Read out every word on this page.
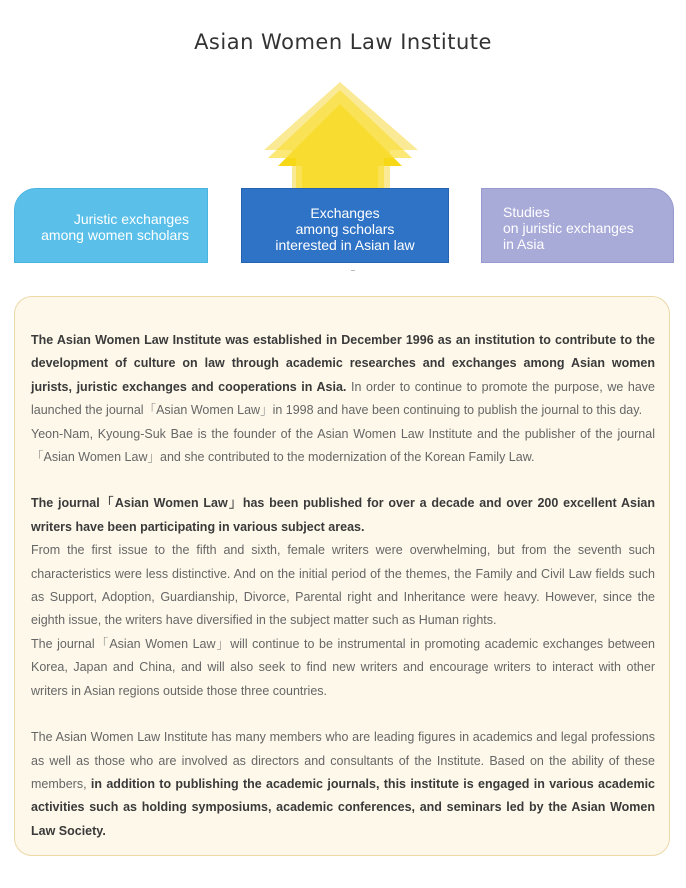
Asian Women Law Institute
Juristic exchanges
among women scholars
Exchanges
among scholars
interested in Asian law
Studies
on juristic exchanges
in Asia

The Asian Women Law Institute was established in December 1996 as an institution to contribute to the development of culture on law through academic researches and exchanges among Asian women jurists, juristic exchanges and cooperations in Asia. In order to continue to promote the purpose, we have launched the journal「Asian Women Law」in 1998 and have been continuing to publish the journal to this day.

Yeon-Nam, Kyoung-Suk Bae is the founder of the Asian Women Law Institute and the publisher of the journal「Asian Women Law」and she contributed to the modernization of the Korean Family Law.

The journal「Asian Women Law」has been published for over a decade and over 200 excellent Asian writers have been participating in various subject areas.

From the first issue to the fifth and sixth, female writers were overwhelming, but from the seventh such characteristics were less distinctive. And on the initial period of the themes, the Family and Civil Law fields such as Support, Adoption, Guardianship, Divorce, Parental right and Inheritance were heavy. However, since the eighth issue, the writers have diversified in the subject matter such as Human rights.

The journal「Asian Women Law」will continue to be instrumental in promoting academic exchanges between Korea, Japan and China, and will also seek to find new writers and encourage writers to interact with other writers in Asian regions outside those three countries.

The Asian Women Law Institute has many members who are leading figures in academics and legal professions as well as those who are involved as directors and consultants of the Institute. Based on the ability of these members, in addition to publishing the academic journals, this institute is engaged in various academic activities such as holding symposiums, academic conferences, and seminars led by the Asian Women Law Society.
